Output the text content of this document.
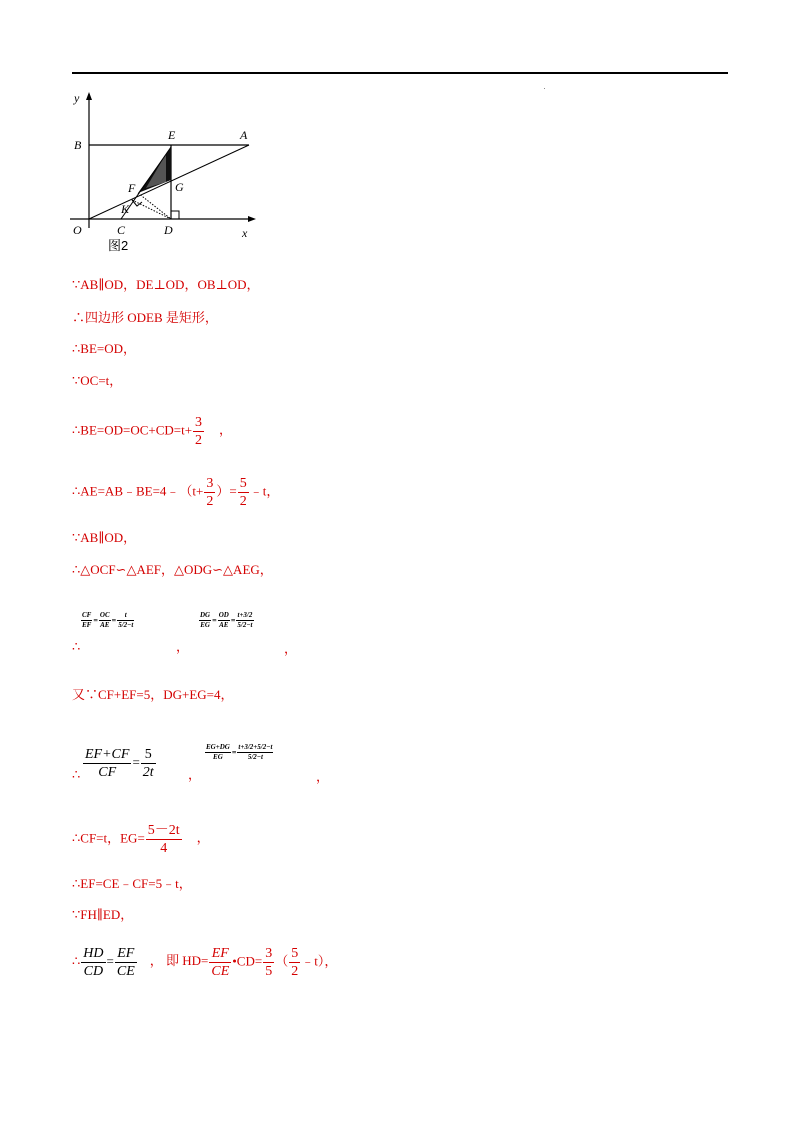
y
B
E	A
F	G
K
O	C	D	x
图2
∵AB∥OD，DE⊥OD，OB⊥OD，
∴四边形 ODEB 是矩形，
∴BE=OD，
∵OC=t，
∴BE=OD=OC+CD=t+ $\frac{3}{2}$ ，
∴AE=AB﹣BE=4﹣（t+ $\frac{3}{2}$ ）= $\frac{5}{2}$ ﹣t，
∵AB∥OD，
∴△OCF∽△AEF，△ODG∽△AEG，
$\frac{CF}{EF} = \frac{OC}{AE} = \frac{t}{5/2-t}$
∴	，
$\frac{DG}{EG} = \frac{OD}{AE} = \frac{t+3/2}{5/2-t}$
，
又∵CF+EF=5，DG+EG=4，
∴ $\frac{EF+CF}{CF} = \frac{5}{2t}$ ，
$\frac{EG+DG}{EG} = \frac{t+3/2+5/2-t}{5/2-t}$
，
∴CF=t，$EG= \frac{5-2t}{4}$ ，
∴EF=CE﹣CF=5﹣t，
∵FH∥ED，
∴ $\frac{HD}{CD} = \frac{EF}{CE}$ ， 即 $HD= \frac{EF}{CE}$ •CD= $\frac{3}{5}$ （ $\frac{5}{2}$ ﹣t），
